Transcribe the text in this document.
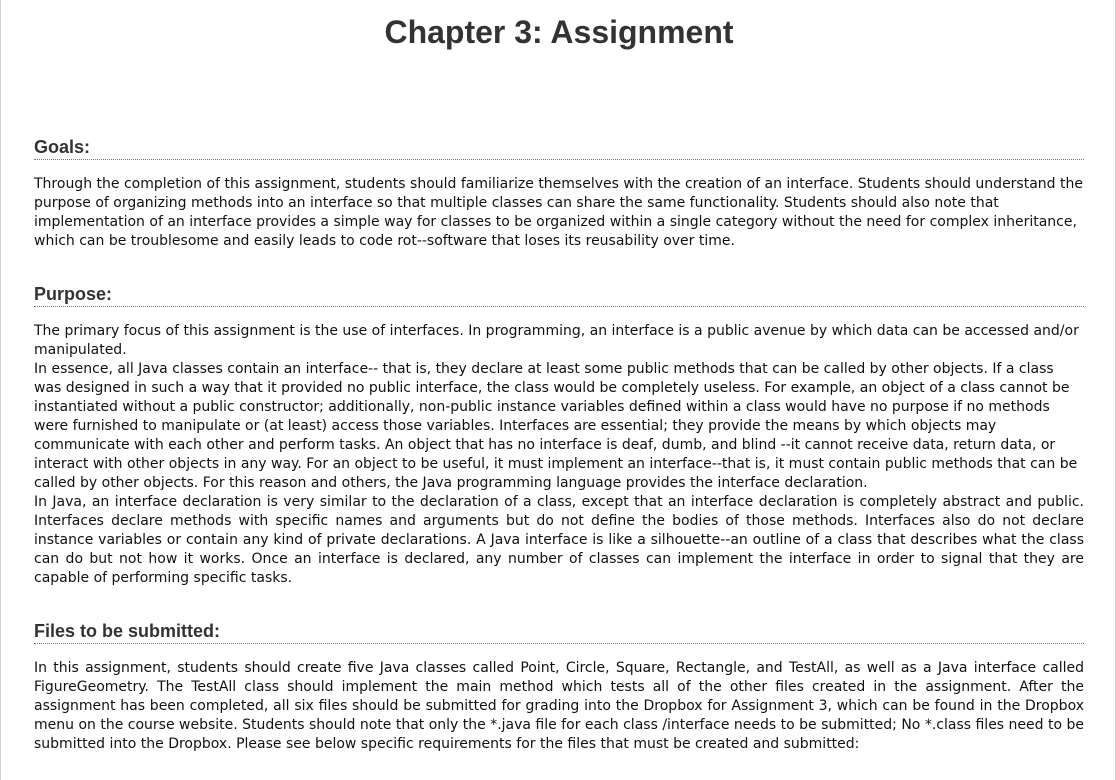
Chapter 3: Assignment
Goals:

Through the completion of this assignment, students should familiarize themselves with the creation of an interface. Students should understand the purpose of organizing methods into an interface so that multiple classes can share the same functionality. Students should also note that implementation of an interface provides a simple way for classes to be organized within a single category without the need for complex inheritance, which can be troublesome and easily leads to code rot--software that loses its reusability over time.

Purpose:

The primary focus of this assignment is the use of interfaces. In programming, an interface is a public avenue by which data can be accessed and/or manipulated.

In essence, all Java classes contain an interface-- that is, they declare at least some public methods that can be called by other objects. If a class was designed in such a way that it provided no public interface, the class would be completely useless. For example, an object of a class cannot be instantiated without a public constructor; additionally, non-public instance variables defined within a class would have no purpose if no methods were furnished to manipulate or (at least) access those variables. Interfaces are essential; they provide the means by which objects may communicate with each other and perform tasks. An object that has no interface is deaf, dumb, and blind --it cannot receive data, return data, or interact with other objects in any way. For an object to be useful, it must implement an interface--that is, it must contain public methods that can be called by other objects. For this reason and others, the Java programming language provides the interface declaration.

In Java, an interface declaration is very similar to the declaration of a class, except that an interface declaration is completely abstract and public. Interfaces declare methods with specific names and arguments but do not define the bodies of those methods. Interfaces also do not declare instance variables or contain any kind of private declarations. A Java interface is like a silhouette--an outline of a class that describes what the class can do but not how it works. Once an interface is declared, any number of classes can implement the interface in order to signal that they are capable of performing specific tasks.

Files to be submitted:

In this assignment, students should create five Java classes called Point, Circle, Square, Rectangle, and TestAll, as well as a Java interface called FigureGeometry. The TestAll class should implement the main method which tests all of the other files created in the assignment. After the assignment has been completed, all six files should be submitted for grading into the Dropbox for Assignment 3, which can be found in the Dropbox menu on the course website. Students should note that only the *.java file for each class /interface needs to be submitted; No *.class files need to be submitted into the Dropbox. Please see below specific requirements for the files that must be created and submitted:
